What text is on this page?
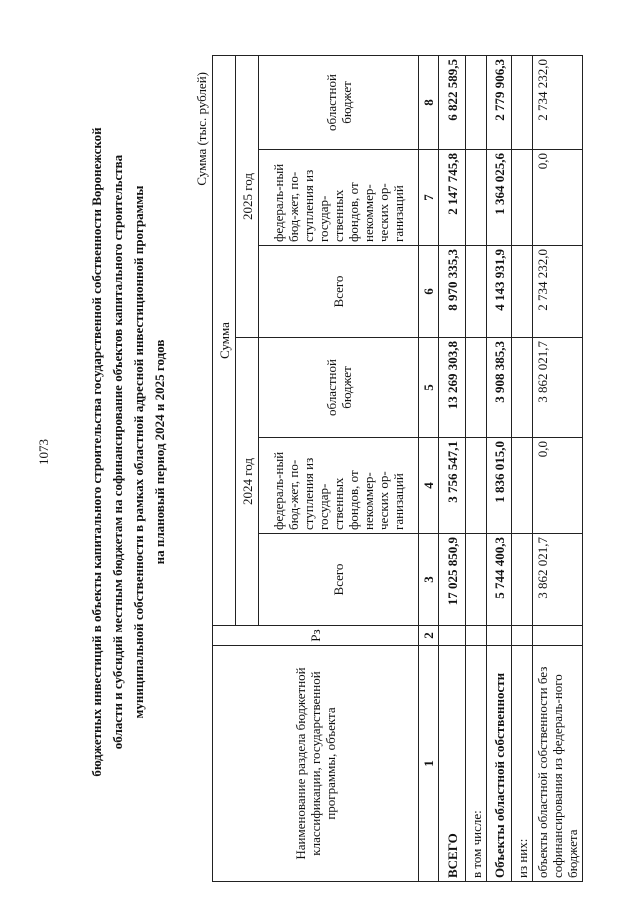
1073	бюджетных инвестиций в объекты капитального строительства государственной собственности Воронежской области и субсидий местным бюджетам на софинансирование объектов капитального строительства муниципальной собственности в рамках областной адресной инвестиционной программы на плановый период 2024 и 2025 годов
Сумма (тыс. рублей)
Наименование раздела бюджетной классификации, государственной программы, объекта	Рз	Сумма					
		2024 год			2025 год		
		Всего	федераль-ный бюд-жет, по-ступления из государ-ственных фондов, от некоммер-ческих ор-ганизаций	областной бюджет	Всего	федераль-ный бюд-жет, по-ступления из государ-ственных фондов, от некоммер-ческих ор-ганизаций	областной бюджет
1	2	3	4	5	6	7	8
ВСЕГО		17 025 850,9	3 756 547,1	13 269 303,8	8 970 335,3	2 147 745,8	6 822 589,5
в том числе:							
Объекты областной собственности		5 744 400,3	1 836 015,0	3 908 385,3	4 143 931,9	1 364 025,6	2 779 906,3
из них:							
объекты областной собственности без софинансирования из федераль-ного бюджета		3 862 021,7	0,0	3 862 021,7	2 734 232,0	0,0	2 734 232,0
